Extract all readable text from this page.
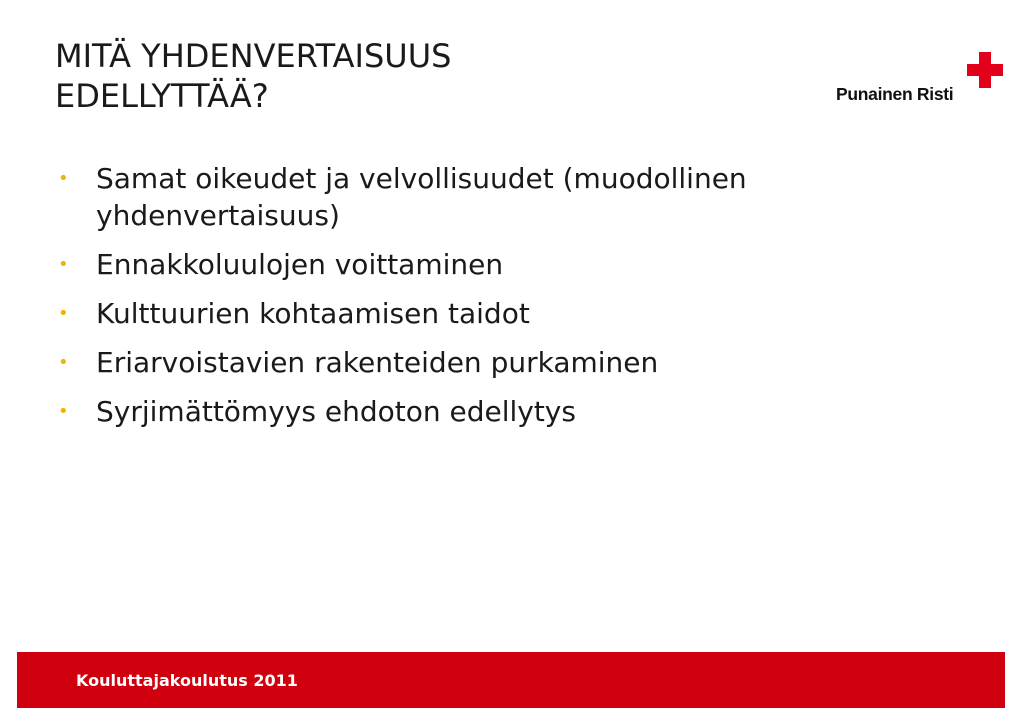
MITÄ YHDENVERTAISUUS
EDELLYTTÄÄ?	Punainen Risti
• Samat oikeudet ja velvollisuudet (muodollinen
yhdenvertaisuus)
• Ennakkoluulojen voittaminen
• Kulttuurien kohtaamisen taidot
• Eriarvoistavien rakenteiden purkaminen
• Syrjimättömyys ehdoton edellytys
Kouluttajakoulutus 2011
